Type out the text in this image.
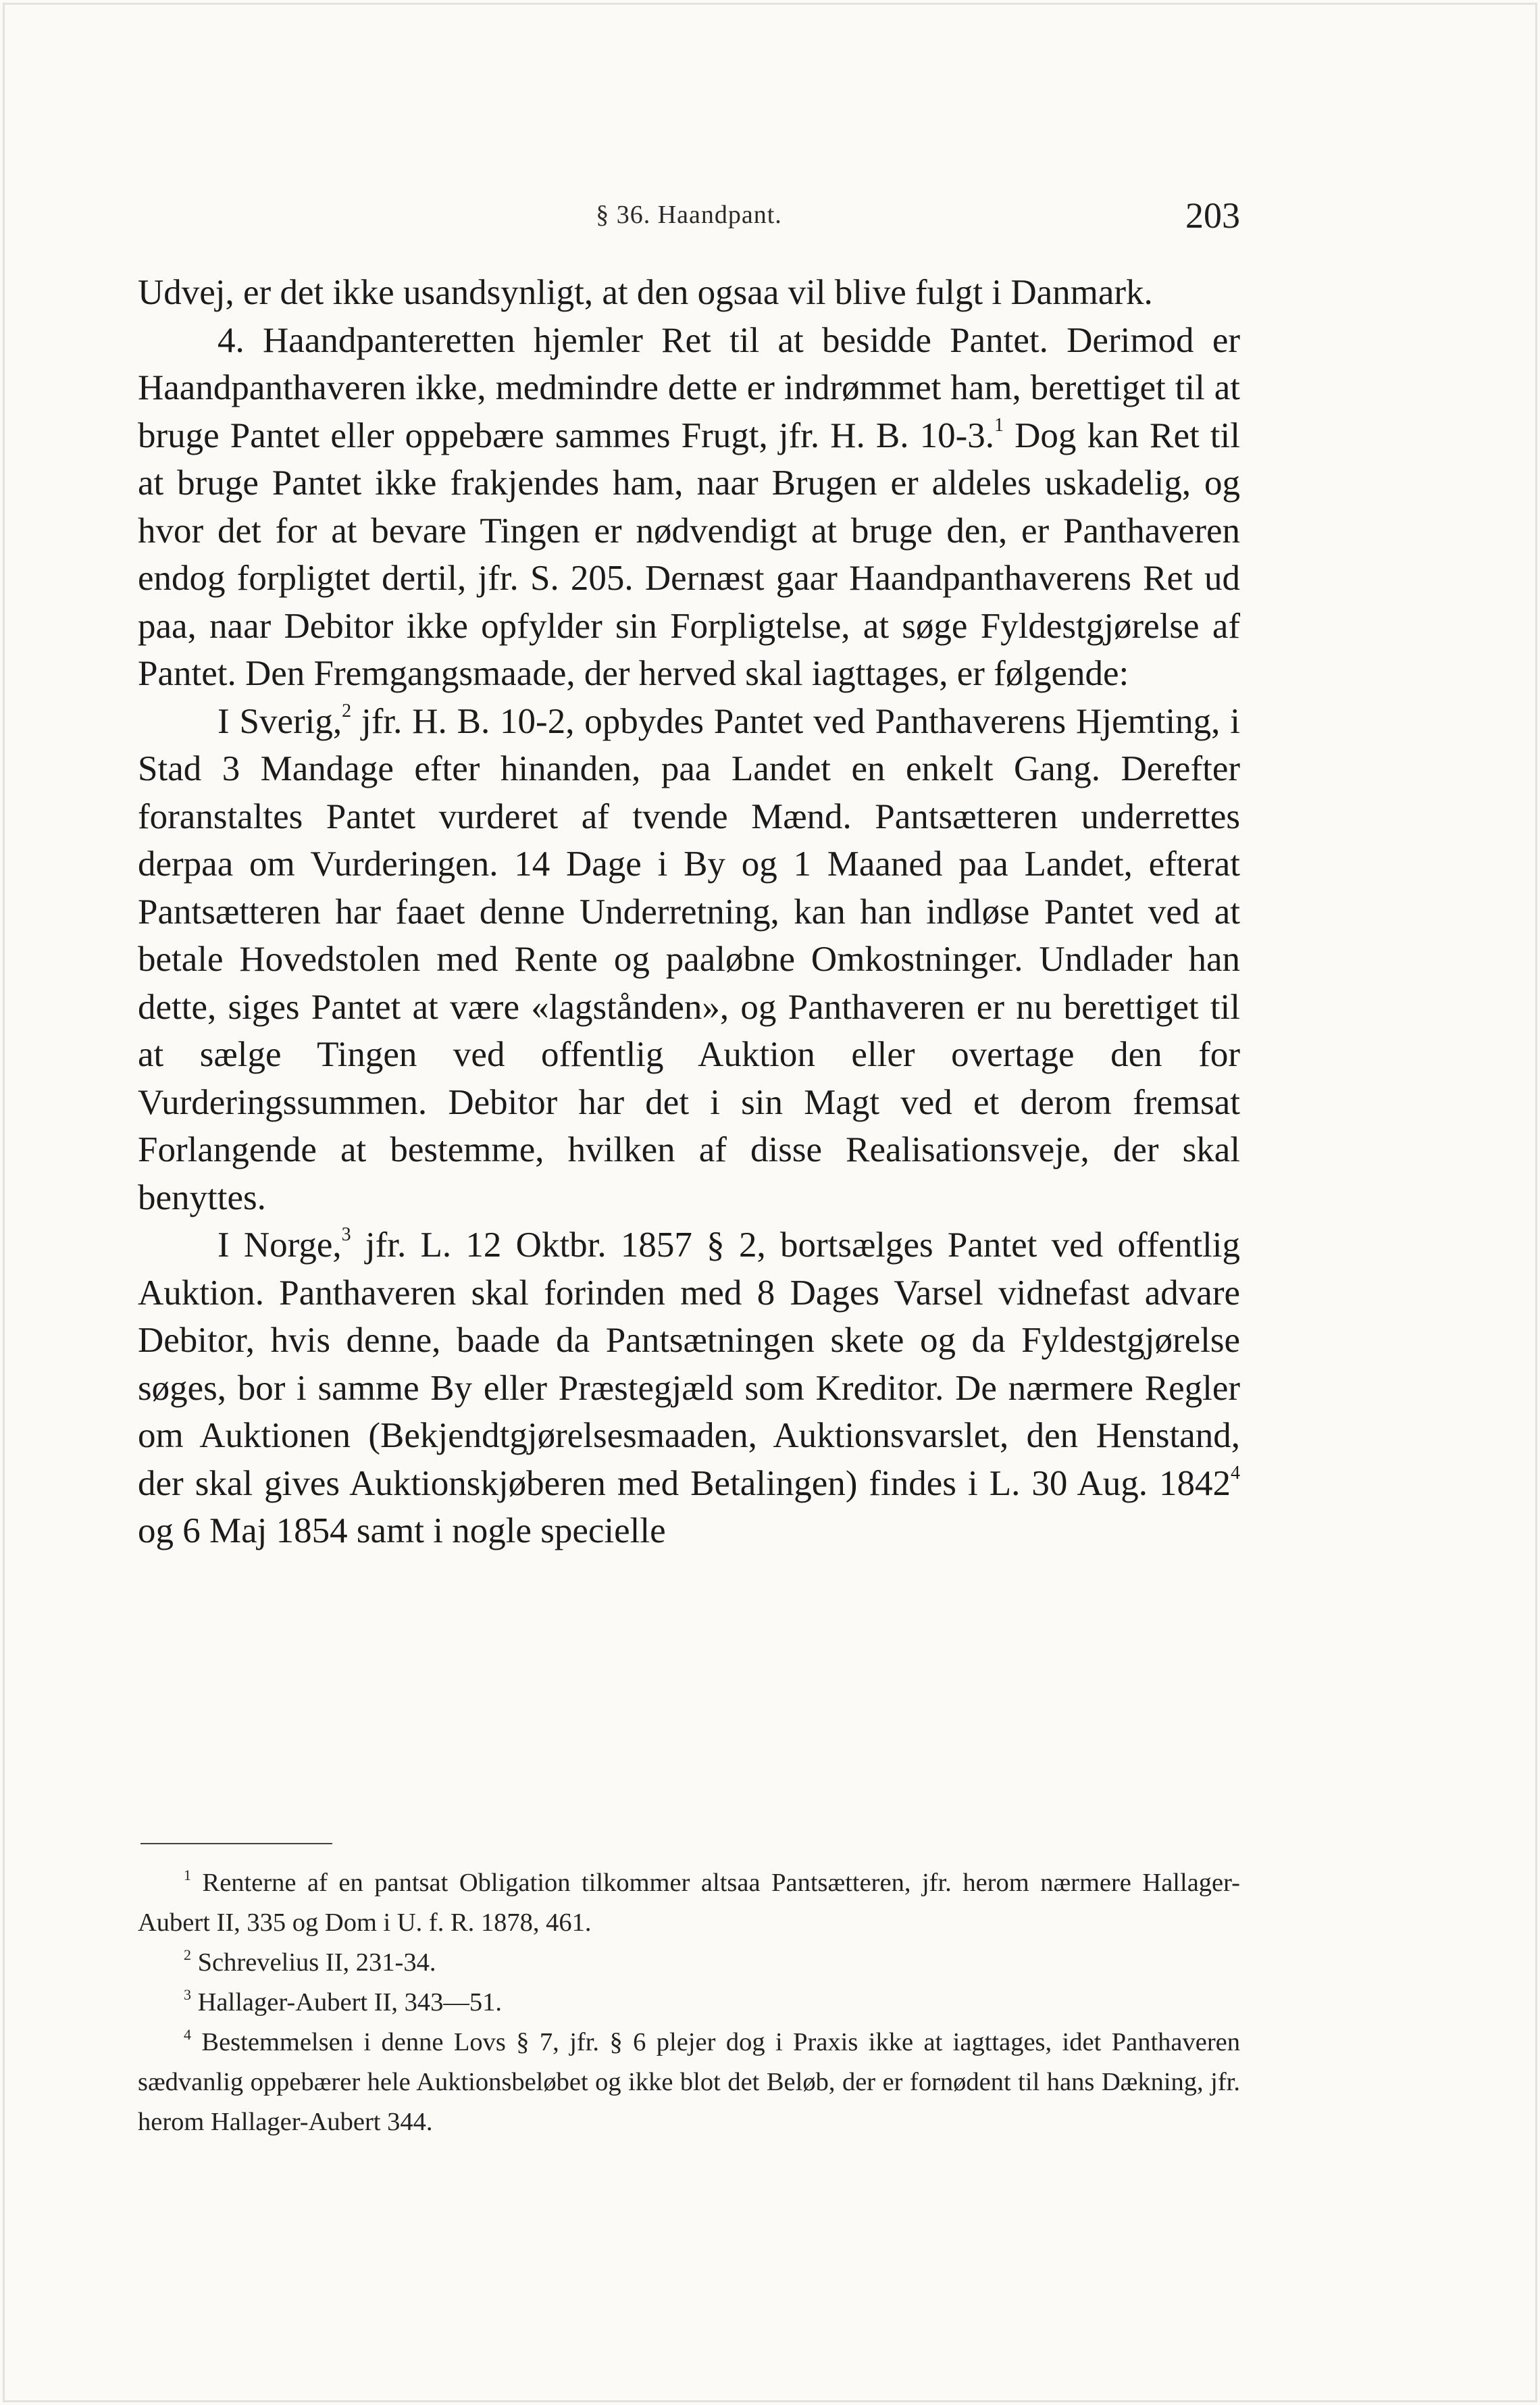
§ 36. Haandpant.	203

Udvej, er det ikke usandsynligt, at den ogsaa vil blive fulgt i Danmark.

4. Haandpanteretten hjemler Ret til at besidde Pantet. Derimod er Haandpanthaveren ikke, medmindre dette er indrømmet ham, berettiget til at bruge Pantet eller oppebære sammes Frugt, jfr. H. B. 10-3.$^1$ Dog kan Ret til at bruge Pantet ikke frakjendes ham, naar Brugen er aldeles uskadelig, og hvor det for at bevare Tingen er nødvendigt at bruge den, er Panthaveren endog forpligtet dertil, jfr. S. 205. Dernæst gaar Haandpanthaverens Ret ud paa, naar Debitor ikke opfylder sin Forpligtelse, at søge Fyldestgjørelse af Pantet. Den Fremgangsmaade, der herved skal iagttages, er følgende:

I Sverig,$^2$ jfr. H. B. 10-2, opbydes Pantet ved Panthaverens Hjemting, i Stad 3 Mandage efter hinanden, paa Landet en enkelt Gang. Derefter foranstaltes Pantet vurderet af tvende Mænd. Pantsætteren underrettes derpaa om Vurderingen. 14 Dage i By og 1 Maaned paa Landet, efterat Pantsætteren har faaet denne Underretning, kan han indløse Pantet ved at betale Hovedstolen med Rente og paaløbne Omkostninger. Undlader han dette, siges Pantet at være «lagstånden», og Panthaveren er nu berettiget til at sælge Tingen ved offentlig Auktion eller overtage den for Vurderingssummen. Debitor har det i sin Magt ved et derom fremsat Forlangende at bestemme, hvilken af disse Realisationsveje, der skal benyttes.

I Norge,$^3$ jfr. L. 12 Oktbr. 1857 § 2, bortsælges Pantet ved offentlig Auktion. Panthaveren skal forinden med 8 Dages Varsel vidnefast advare Debitor, hvis denne, baade da Pantsætningen skete og da Fyldestgjørelse søges, bor i samme By eller Præstegjæld som Kreditor. De nærmere Regler om Auktionen (Bekjendtgjørelsesmaaden, Auktionsvarslet, den Henstand, der skal gives Auktionskjøberen med Betalingen) findes i L. 30 Aug. 1842$^4$ og 6 Maj 1854 samt i nogle specielle

$^1$ Renterne af en pantsat Obligation tilkommer altsaa Pantsætteren, jfr. herom nærmere Hallager-Aubert II, 335 og Dom i U. f. R. 1878, 461.

$^2$ Schrevelius II, 231-34.

$^3$ Hallager-Aubert II, 343—51.

$^4$ Bestemmelsen i denne Lovs § 7, jfr. § 6 plejer dog i Praxis ikke at iagttages, idet Panthaveren sædvanlig oppebærer hele Auktionsbeløbet og ikke blot det Beløb, der er fornødent til hans Dækning, jfr. herom Hallager-Aubert 344.
